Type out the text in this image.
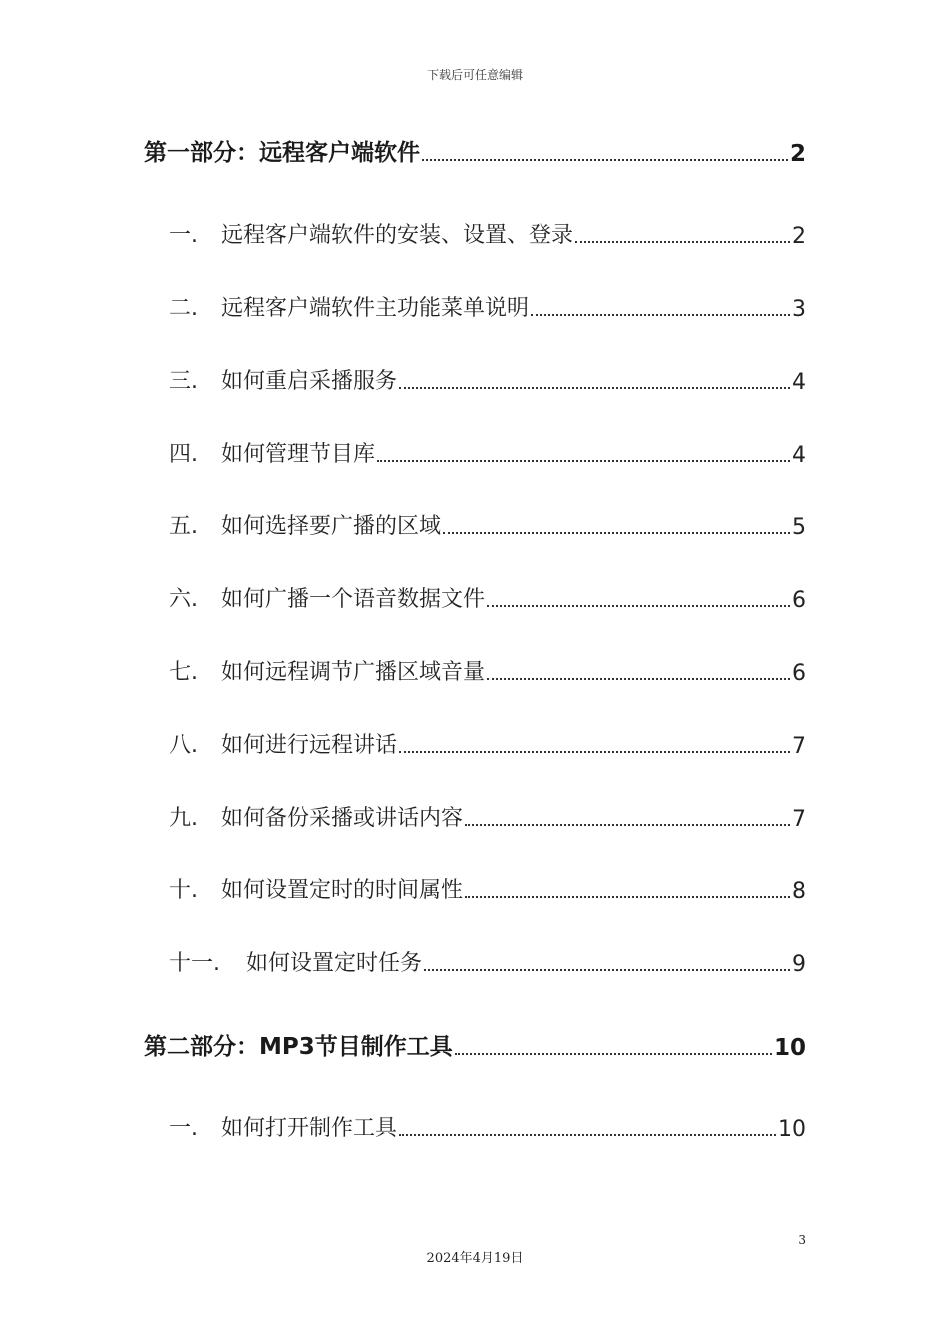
下载后可任意编辑
第一部分：远程客户端软件	2
一.	远程客户端软件的安装、设置、登录	2
二.	远程客户端软件主功能菜单说明	3
三.	如何重启采播服务	4
四.	如何管理节目库	4
五.	如何选择要广播的区域	5
六.	如何广播一个语音数据文件	6
七.	如何远程调节广播区域音量	6
八.	如何进行远程讲话	7
九.	如何备份采播或讲话内容	7
十.	如何设置定时的时间属性	8
十一.	如何设置定时任务	9
第二部分：MP3节目制作工具	10
一.	如何打开制作工具	10
3
2024年4月19日
